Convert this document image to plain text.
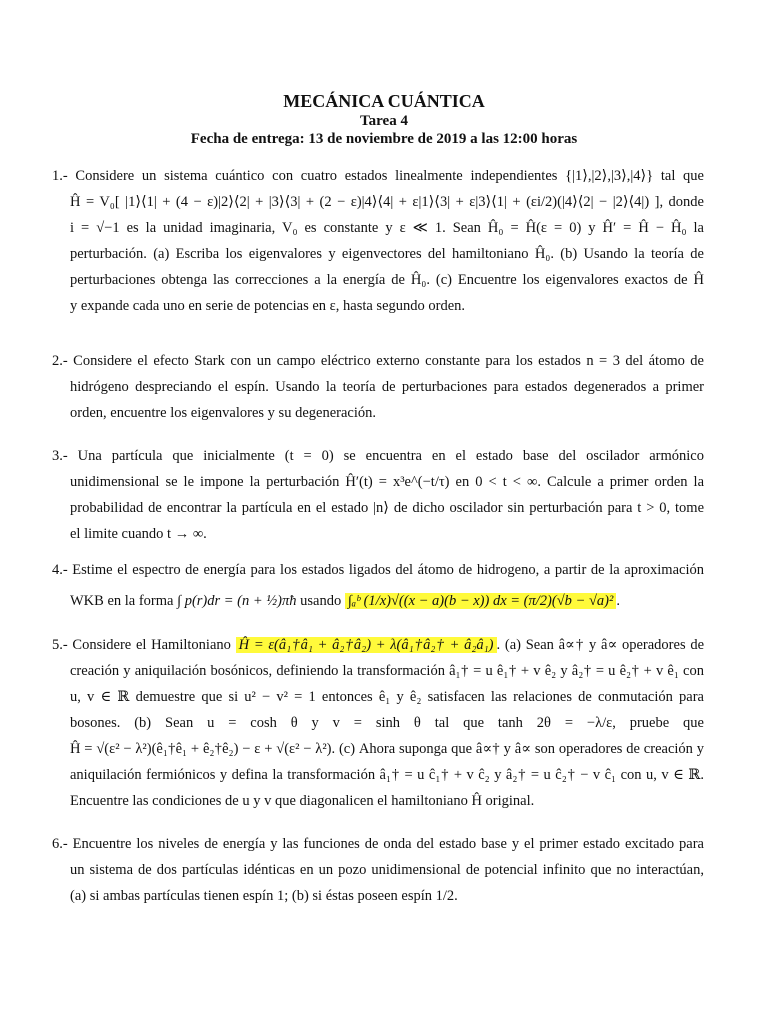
MECÁNICA CUÁNTICA
Tarea 4
Fecha de entrega: 13 de noviembre de 2019 a las 12:00 horas
1.- Considere un sistema cuántico con cuatro estados linealmente independientes {|1⟩,|2⟩,|3⟩,|4⟩} tal que
Ĥ = V₀[ |1⟩⟨1| + (4 − ε)|2⟩⟨2| + |3⟩⟨3| + (2 − ε)|4⟩⟨4| + ε|1⟩⟨3| + ε|3⟩⟨1| + (εi/2)(|4⟩⟨2| − |2⟩⟨4|) ], donde
i = √−1 es la unidad imaginaria, V₀ es constante y ε ≪ 1. Sean Ĥ₀ = Ĥ(ε = 0) y Ĥ′ = Ĥ − Ĥ₀ la
perturbación. (a) Escriba los eigenvalores y eigenvectores del hamiltoniano Ĥ₀. (b) Usando la teoría de
perturbaciones obtenga las correcciones a la energía de Ĥ₀. (c) Encuentre los eigenvalores exactos de Ĥ
y expande cada uno en serie de potencias en ε, hasta segundo orden.
2.- Considere el efecto Stark con un campo eléctrico externo constante para los estados n = 3 del átomo de
hidrógeno despreciando el espín. Usando la teoría de perturbaciones para estados degenerados a primer
orden, encuentre los eigenvalores y su degeneración.
3.- Una partícula que inicialmente (t = 0) se encuentra en el estado base del oscilador armónico
unidimensional se le impone la perturbación Ĥ′(t) = x³e^(−t/τ) en 0 < t < ∞. Calcule a primer orden la
probabilidad de encontrar la partícula en el estado |n⟩ de dicho oscilador sin perturbación para t > 0, tome
el limite cuando t → ∞.
4.- Estime el espectro de energía para los estados ligados del átomo de hidrogeno, a partir de la aproximación
WKB en la forma ∫ p(r)dr = (n + ½)πħ usando ∫ₐᵇ (1/x)√((x − a)(b − x)) dx = (π/2)(√b − √a)² .
5.- Considere el Hamiltoniano Ĥ = ε(â₁†â₁ + â₂†â₂) + λ(â₁†â₂† + â₂â₁) . (a) Sean â∝† y â∝ operadores de
creación y aniquilación bosónicos, definiendo la transformación â₁† = u ê₁† + v ê₂ y â₂† = u ê₂† + v ê₁ con
u, v ∈ ℝ demuestre que si u² − v² = 1 entonces ê₁ y ê₂ satisfacen las relaciones de conmutación para
bosones. (b) Sean u = cosh θ y v = sinh θ tal que tanh 2θ = −λ/ε, pruebe que
Ĥ = √(ε² − λ²)(ê₁†ê₁ + ê₂†ê₂) − ε + √(ε² − λ²). (c) Ahora suponga que â∝† y â∝ son operadores de creación y
aniquilación fermiónicos y defina la transformación â₁† = u ĉ₁† + v ĉ₂ y â₂† = u ĉ₂† − v ĉ₁ con u, v ∈ ℝ.
Encuentre las condiciones de u y v que diagonalicen el hamiltoniano Ĥ original.
6.- Encuentre los niveles de energía y las funciones de onda del estado base y el primer estado excitado para
un sistema de dos partículas idénticas en un pozo unidimensional de potencial infinito que no interactúan,
(a) si ambas partículas tienen espín 1; (b) si éstas poseen espín 1/2.
